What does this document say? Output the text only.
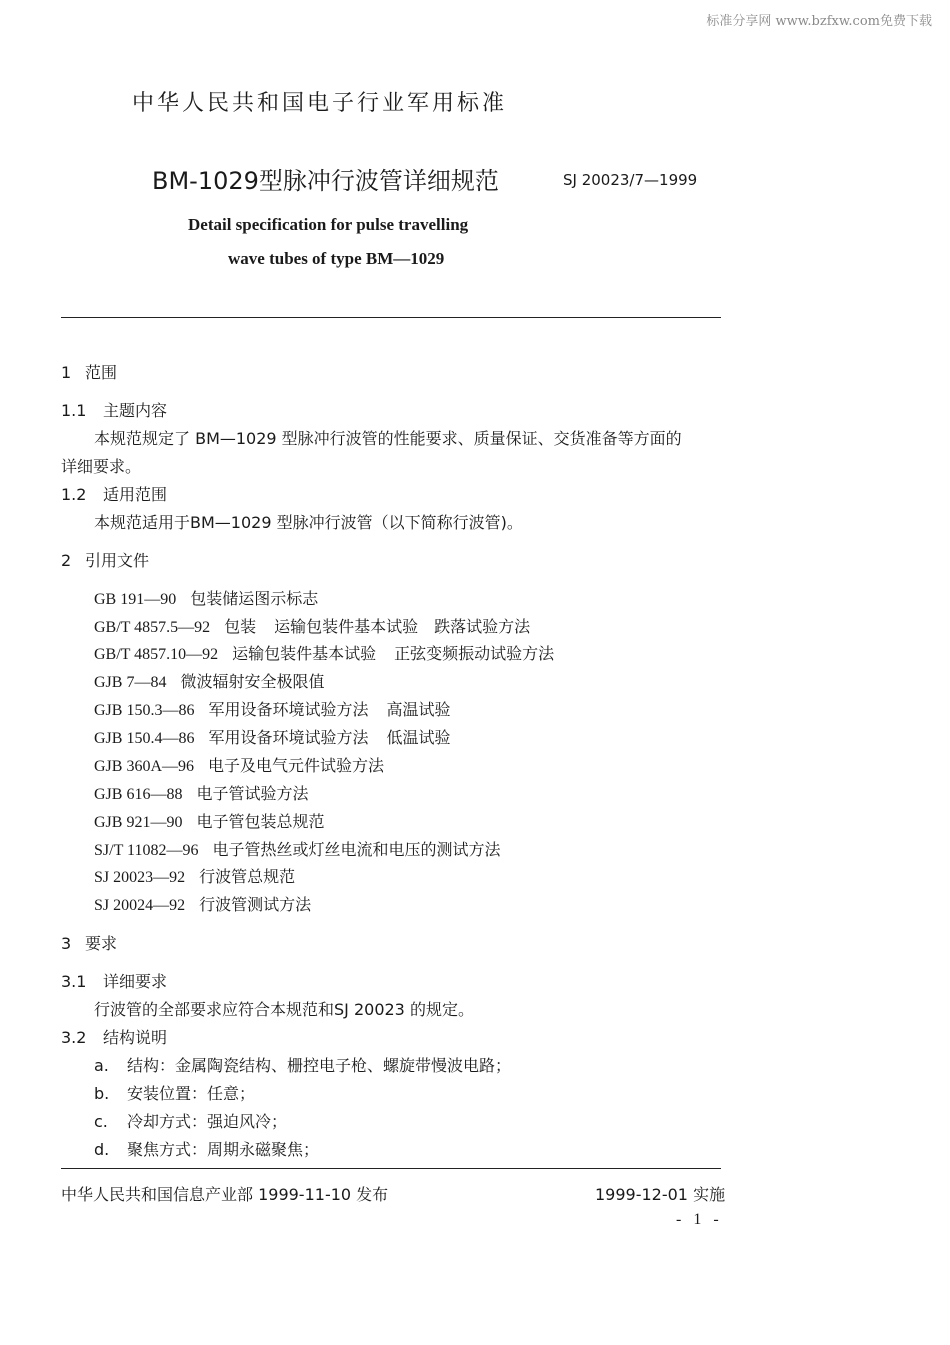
标准分享网 www.bzfxw.com免费下载
中华人民共和国电子行业军用标准
BM-1029型脉冲行波管详细规范	SJ 20023/7—1999
Detail specification for pulse travelling
wave tubes of type BM—1029
1 范围
1.1 主题内容
本规范规定了 BM—1029 型脉冲行波管的性能要求、质量保证、交货准备等方面的
详细要求。
1.2 适用范围
本规范适用于BM—1029 型脉冲行波管（以下简称行波管)。
2 引用文件
GB 191—90 包装储运图示标志
GB/T 4857.5—92 包装 运输包装件基本试验　跌落试验方法
GB/T 4857.10—92 运输包装件基本试验 正弦变频振动试验方法
GJB 7—84 微波辐射安全极限值
GJB 150.3—86 军用设备环境试验方法 高温试验
GJB 150.4—86 军用设备环境试验方法 低温试验
GJB 360A—96 电子及电气元件试验方法
GJB 616—88 电子管试验方法
GJB 921—90 电子管包装总规范
SJ/T 11082—96 电子管热丝或灯丝电流和电压的测试方法
SJ 20023—92 行波管总规范
SJ 20024—92 行波管测试方法
3 要求
3.1 详细要求
行波管的全部要求应符合本规范和SJ 20023 的规定。
3.2 结构说明
a. 结构：金属陶瓷结构、栅控电子枪、螺旋带慢波电路；
b. 安装位置：任意；
c. 冷却方式：强迫风冷；
d. 聚焦方式：周期永磁聚焦；
中华人民共和国信息产业部 1999-11-10 发布	1999-12-01 实施
- 1 -
